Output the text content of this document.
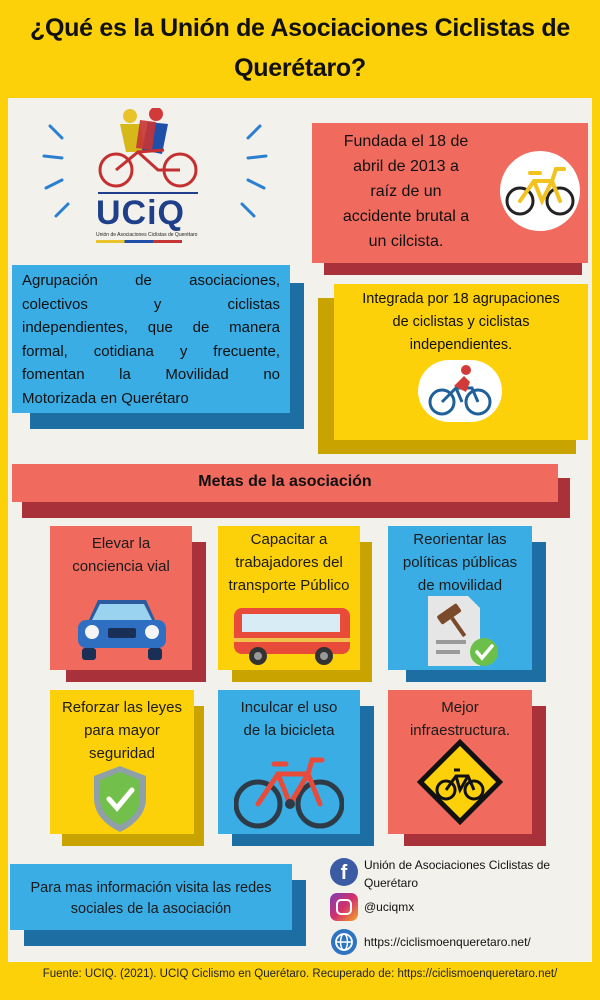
¿Qué es la Unión de Asociaciones Ciclistas de
Querétaro?
UCiQ
Unión de Asociaciones Ciclistas de Querétaro
Fundada el 18 de
abril de 2013 a
raíz de un
accidente brutal a
un cilcista.
Agrupación de asociaciones,
colectivos y ciclistas
independientes, que de manera
formal, cotidiana y frecuente,
fomentan la Movilidad no
Motorizada en Querétaro
Integrada por 18 agrupaciones
de ciclistas y ciclistas
independientes.
Metas de la asociación
Elevar la
conciencia vial
Capacitar a
trabajadores del
transporte Público
Reorientar las
políticas públicas
de movilidad
Reforzar las leyes
para mayor
seguridad
Inculcar el uso
de la bicicleta
Mejor
infraestructura.
Para mas información visita las redes
sociales de la asociación
f	Unión de Asociaciones Ciclistas de
Querétaro
@uciqmx
https://ciclismoenqueretaro.net/
Fuente: UCIQ. (2021). UCIQ Ciclismo en Querétaro. Recuperado de: https://ciclismoenqueretaro.net/
